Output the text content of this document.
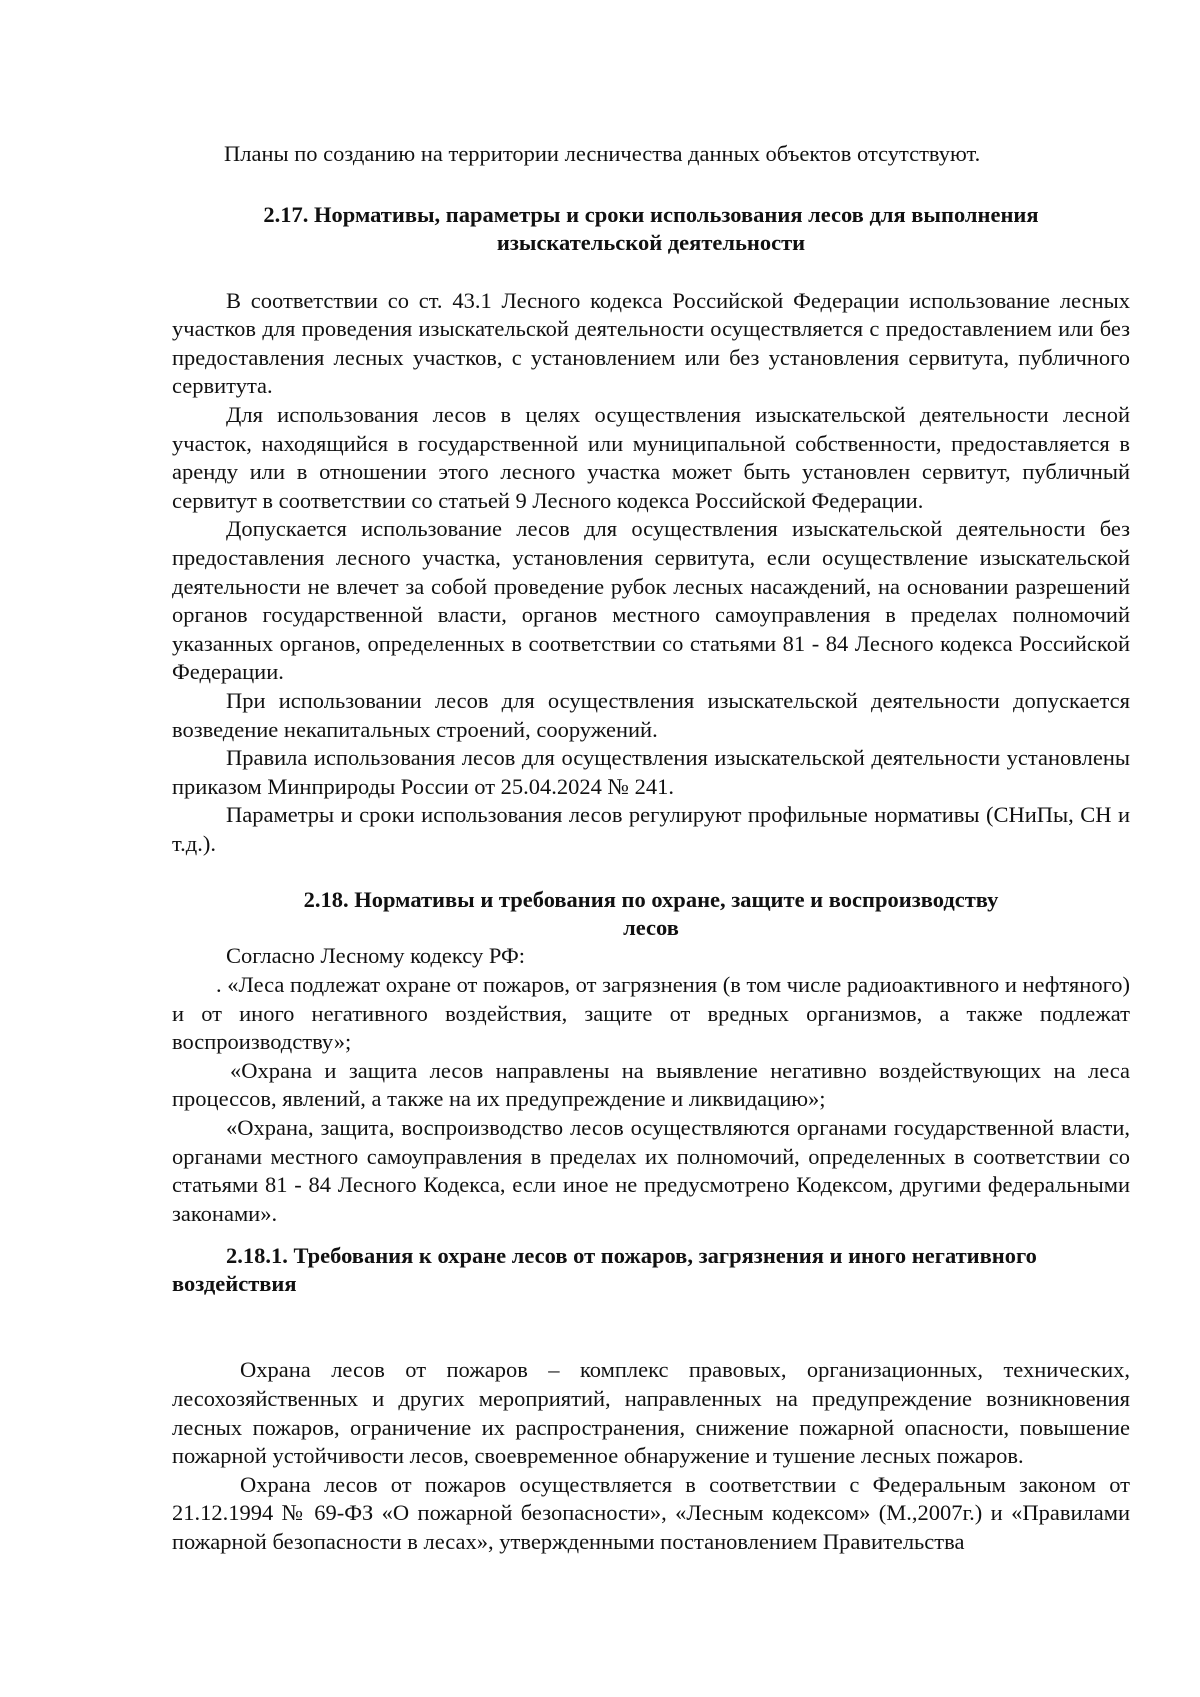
Планы по созданию на территории лесничества данных объектов отсутствуют.

2.17. Нормативы, параметры и сроки использования лесов для выполнения изыскательской деятельности

В соответствии со ст. 43.1 Лесного кодекса Российской Федерации использование лесных участков для проведения изыскательской деятельности осуществляется с предоставлением или без предоставления лесных участков, с установлением или без установления сервитута, публичного сервитута.

Для использования лесов в целях осуществления изыскательской деятельности лесной участок, находящийся в государственной или муниципальной собственности, предоставляется в аренду или в отношении этого лесного участка может быть установлен сервитут, публичный сервитут в соответствии со статьей 9 Лесного кодекса Российской Федерации.

Допускается использование лесов для осуществления изыскательской деятельности без предоставления лесного участка, установления сервитута, если осуществление изыскательской деятельности не влечет за собой проведение рубок лесных насаждений, на основании разрешений органов государственной власти, органов местного самоуправления в пределах полномочий указанных органов, определенных в соответствии со статьями 81 - 84 Лесного кодекса Российской Федерации.

При использовании лесов для осуществления изыскательской деятельности допускается возведение некапитальных строений, сооружений.

Правила использования лесов для осуществления изыскательской деятельности установлены приказом Минприроды России от 25.04.2024 № 241.

Параметры и сроки использования лесов регулируют профильные нормативы (СНиПы, СН и т.д.).

2.18. Нормативы и требования по охране, защите и воспроизводству

лесов

Согласно Лесному кодексу РФ:

. «Леса подлежат охране от пожаров, от загрязнения (в том числе радиоактивного и нефтяного) и от иного негативного воздействия, защите от вредных организмов, а также подлежат воспроизводству»;

«Охрана и защита лесов направлены на выявление негативно воздействующих на леса процессов, явлений, а также на их предупреждение и ликвидацию»;

«Охрана, защита, воспроизводство лесов осуществляются органами государственной власти, органами местного самоуправления в пределах их полномочий, определенных в соответствии со статьями 81 - 84 Лесного Кодекса, если иное не предусмотрено Кодексом, другими федеральными законами».

2.18.1. Требования к охране лесов от пожаров, загрязнения и иного негативного воздействия

Охрана лесов от пожаров – комплекс правовых, организационных, технических, лесохозяйственных и других мероприятий, направленных на предупреждение возникновения лесных пожаров, ограничение их распространения, снижение пожарной опасности, повышение пожарной устойчивости лесов, своевременное обнаружение и тушение лесных пожаров.

Охрана лесов от пожаров осуществляется в соответствии с Федеральным законом от 21.12.1994 № 69-ФЗ «О пожарной безопасности», «Лесным кодексом» (М.,2007г.) и «Правилами пожарной безопасности в лесах», утвержденными постановлением Правительства
